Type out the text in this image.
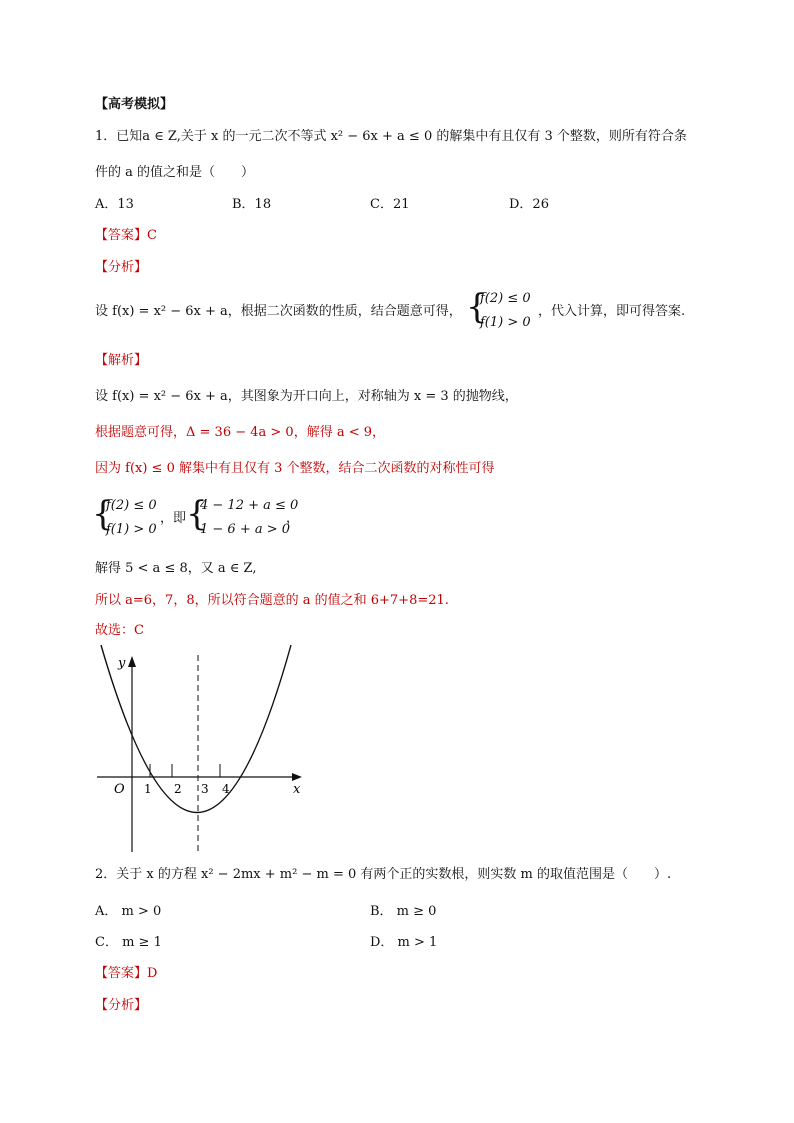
【高考模拟】
1．已知a ∈ Z,关于 x 的一元二次不等式 x² − 6x + a ≤ 0 的解集中有且仅有 3 个整数，则所有符合条
件的 a 的值之和是（　　）
A．13	B．18	C．21	D．26
【答案】C
【分析】
设 f(x) = x² − 6x + a，根据二次函数的性质，结合题意可得， {
f(2) ≤ 0
f(1) > 0
，代入计算，即可得答案.
【解析】
设 f(x) = x² − 6x + a，其图象为开口向上，对称轴为 x = 3 的抛物线，
根据题意可得，Δ = 36 − 4a > 0，解得 a < 9，
因为 f(x) ≤ 0 解集中有且仅有 3 个整数，结合二次函数的对称性可得
{
f(2) ≤ 0
f(1) > 0
，即 {
4 − 12 + a ≤ 0
1 − 6 + a > 0
，
解得 5 < a ≤ 8，又 a ∈ Z,
所以 a=6，7，8，所以符合题意的 a 的值之和 6+7+8=21.
故选：C
y
x
O 1 2 3 4
2．关于 x 的方程 x² − 2mx + m² − m = 0 有两个正的实数根，则实数 m 的取值范围是（　　）.
A． m > 0	B． m ≥ 0
C． m ≥ 1	D． m > 1
【答案】D
【分析】
